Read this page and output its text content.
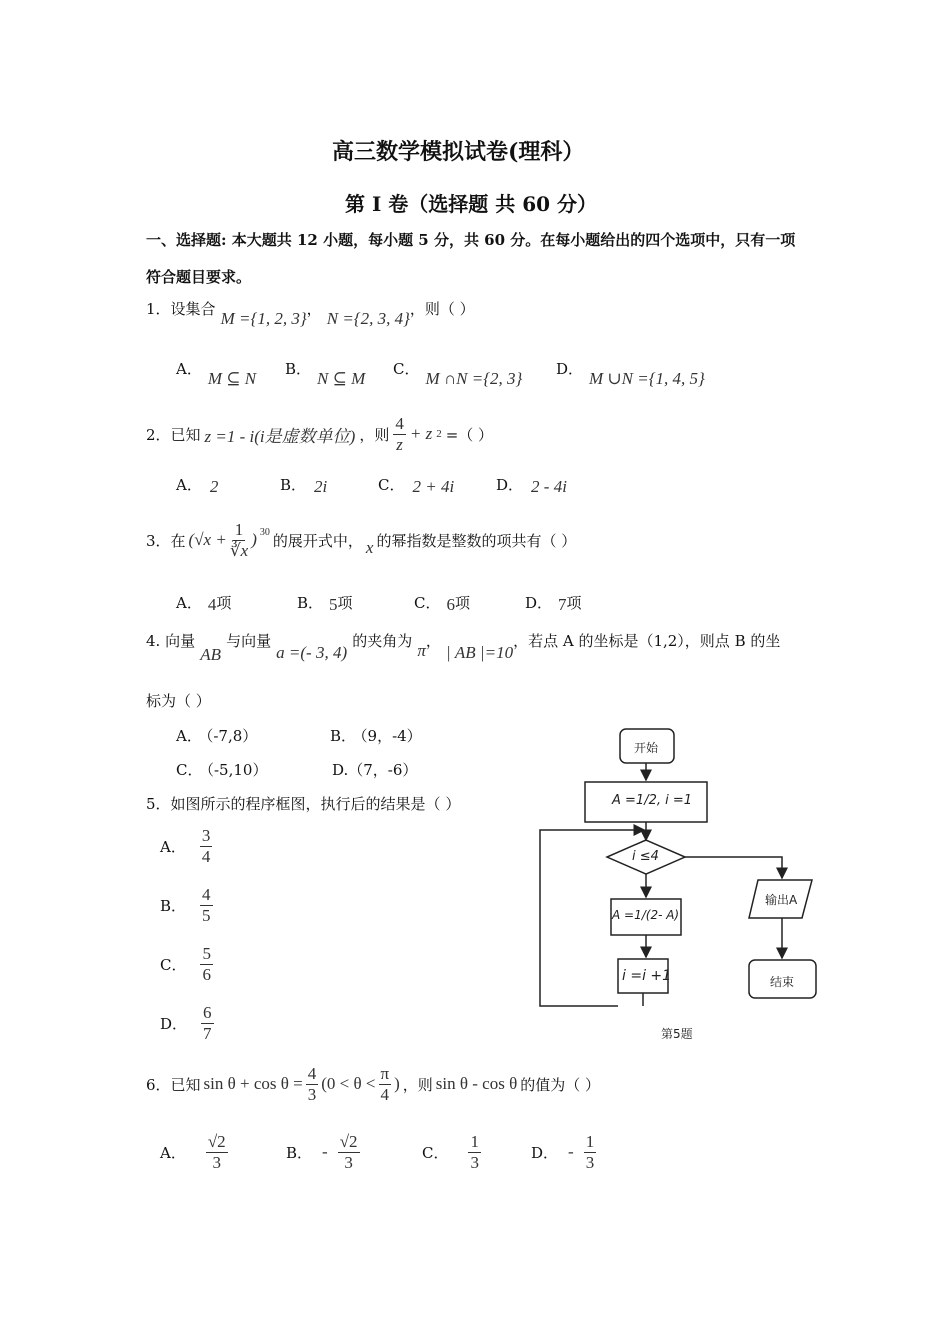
高三数学模拟试卷(理科）
第 I 卷（选择题 共 60 分）
一、选择题: 本大题共 12 小题，每小题 5 分，共 60 分。在每小题给出的四个选项中，只有一项
符合题目要求。
1．设集合 M ={1, 2, 3}， N ={2, 3, 4}，则（ ）
A． M ⊆ N B． N ⊆ M C． M ∩N ={2, 3} D． M ∪N ={1, 4, 5}
2．已知 z =1 - i(i是虚数单位) ，则 $\frac{4}{z} + z$ 2 =（ ）
A． 2	B． 2i	C． 2 + 4i	D． 2 - 4i
3．在 ($√x + \frac{1}{∛x}$ ) $^{30}$ 的展开式中， x 的幂指数是整数的项共有（ ）
A． 4项	B． 5项	C． 6项	D． 7项
4. 向量 AB 与向量 a =(- 3, 4) 的夹角为 π， | AB |=10，若点 A 的坐标是（1,2），则点 B 的坐
标为（ ）
A． （-7,8）	B． （9，-4）
C． （-5,10）	D.（7，-6）
5．如图所示的程序框图，执行后的结果是（ ）
A． $\frac{3}{4}$
B． $\frac{4}{5}$
C． $\frac{5}{6}$
D． $\frac{6}{7}$
开始
A =1/2, i =1
i ≤4
A =1/(2- A)
i =i +1
输出A
结束
第5题
6．已知 $\sin \theta + \cos \theta = \frac{4}{3} (0 < \theta < \frac{\pi}{4}$ ) ，则 sin θ - cos θ 的值为（ ）
A． $\frac{√2}{3}$	B． - $\frac{√2}{3}$	C． $\frac{1}{3}$	D． - $\frac{1}{3}$
